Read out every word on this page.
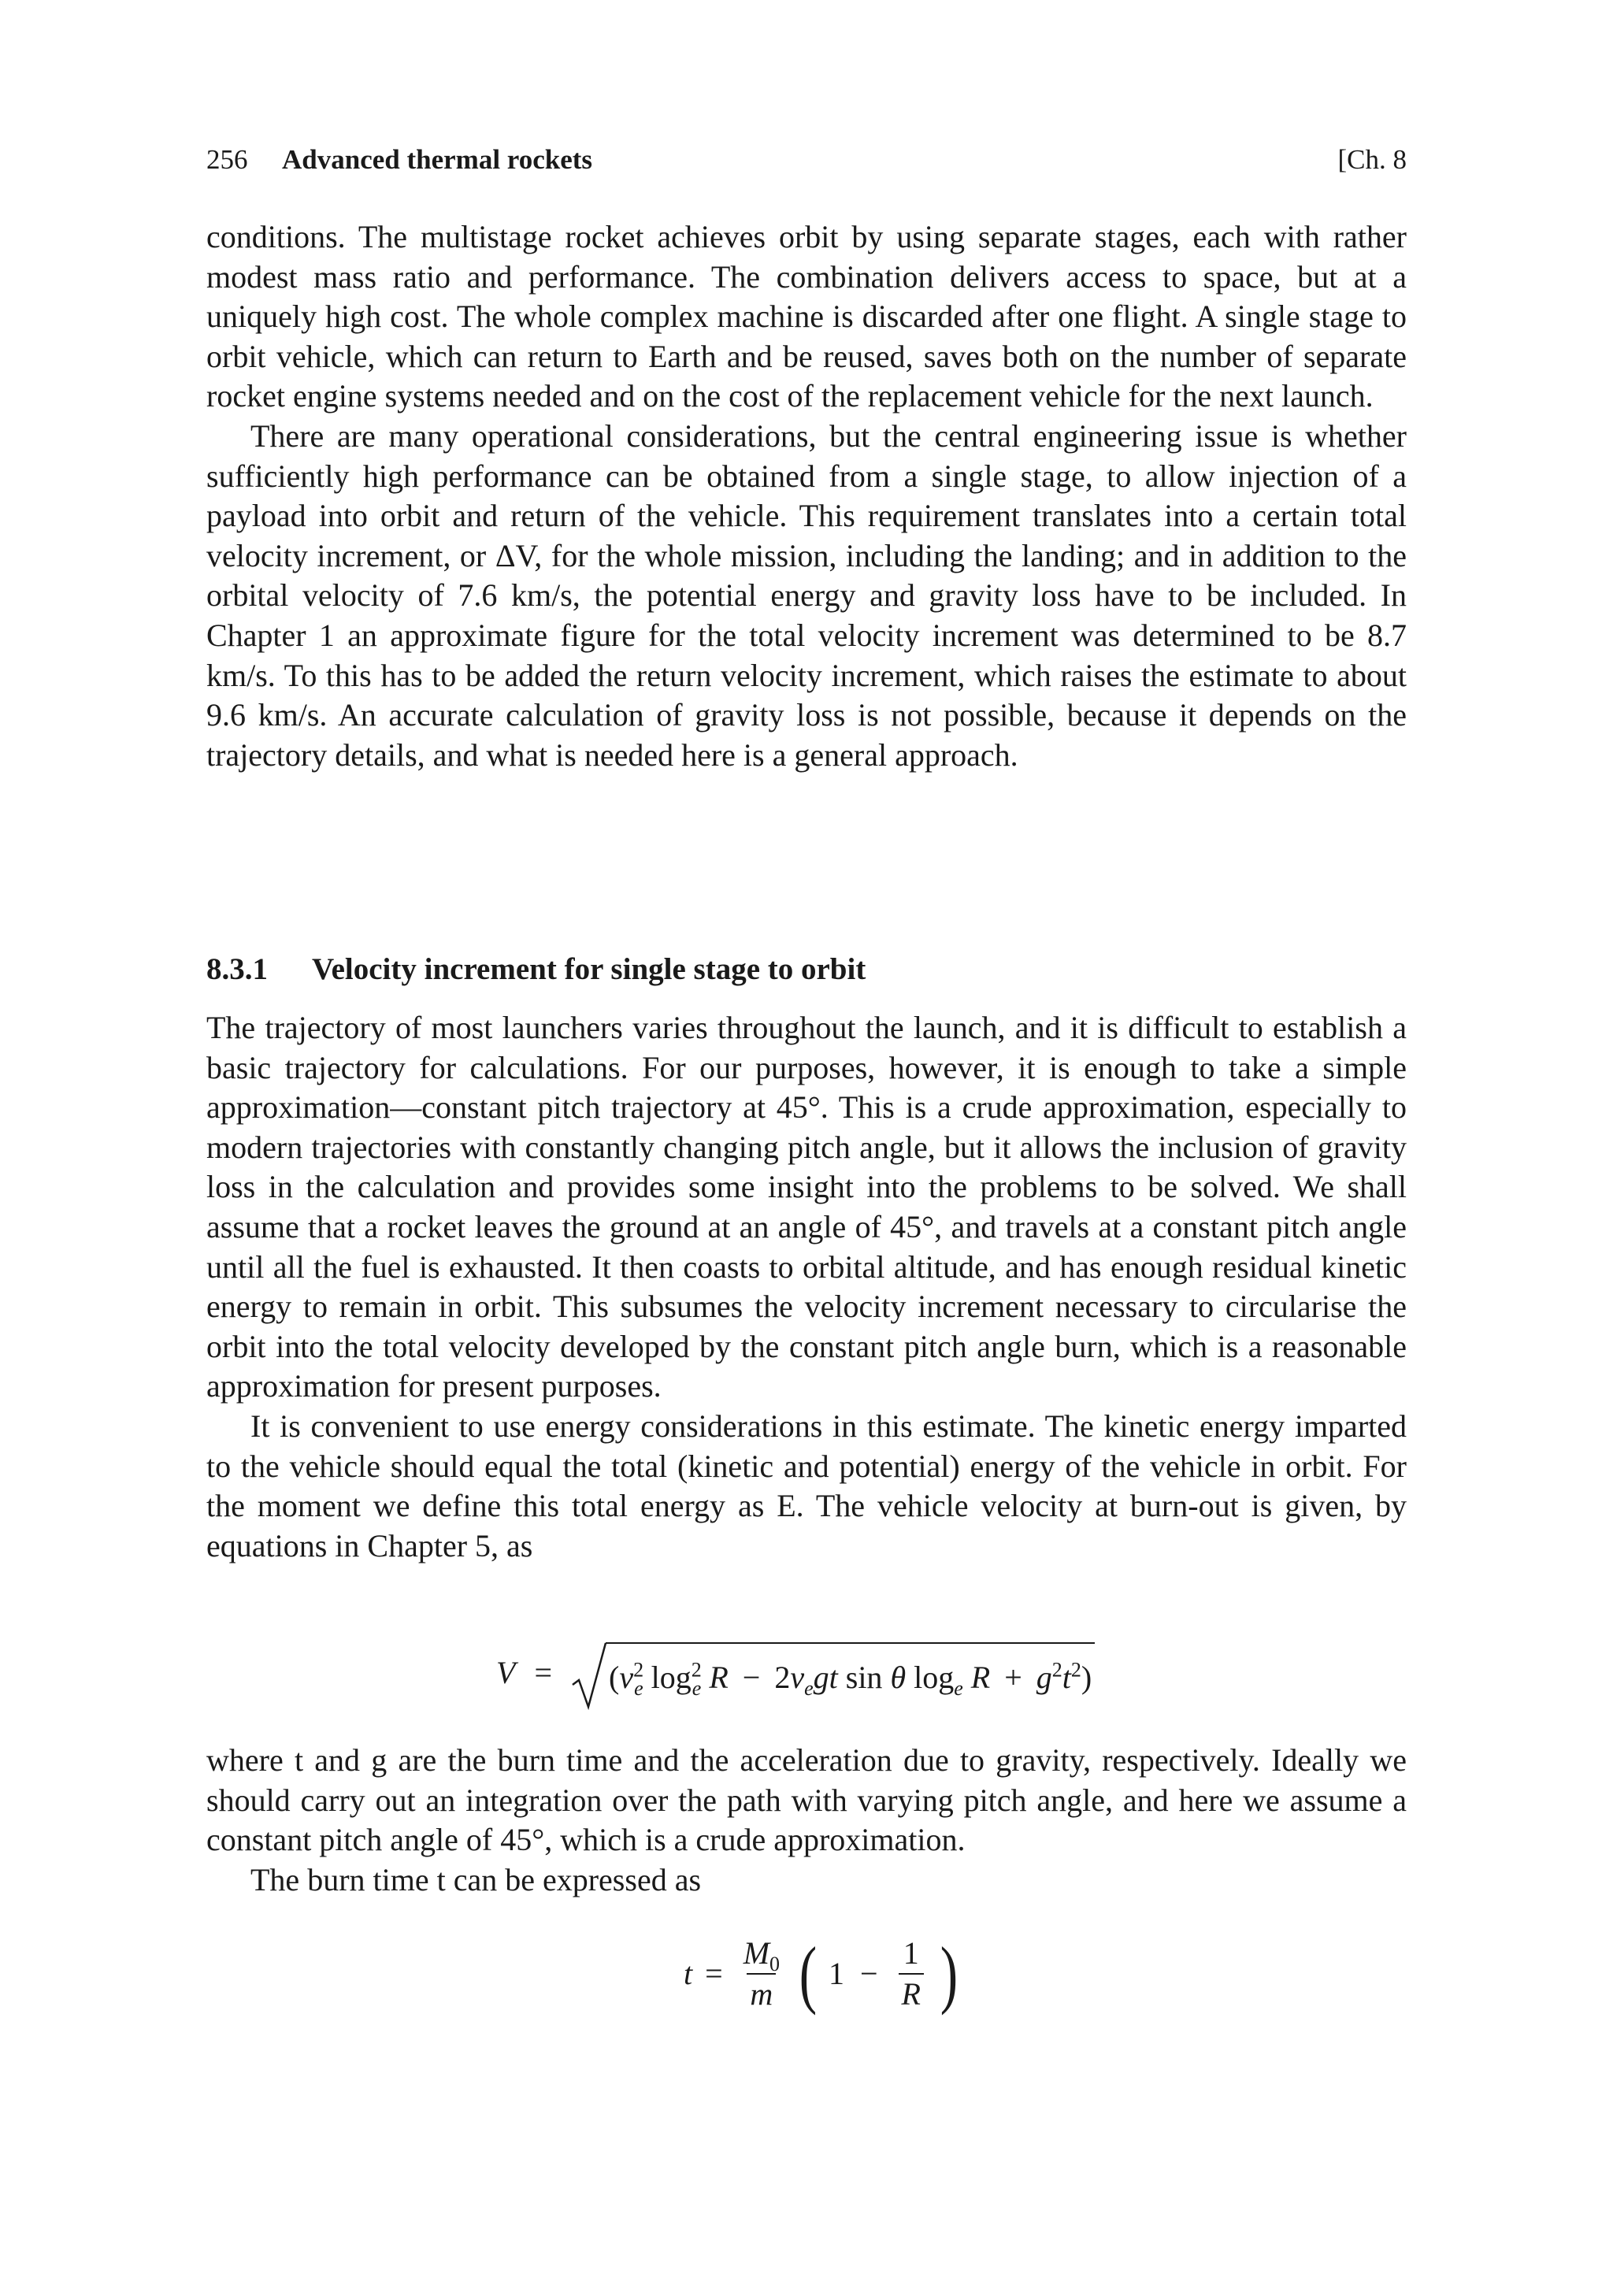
256 Advanced thermal rockets	[Ch. 8

conditions. The multistage rocket achieves orbit by using separate stages, each with rather modest mass ratio and performance. The combination delivers access to space, but at a uniquely high cost. The whole complex machine is discarded after one flight. A single stage to orbit vehicle, which can return to Earth and be reused, saves both on the number of separate rocket engine systems needed and on the cost of the replacement vehicle for the next launch.

There are many operational considerations, but the central engineering issue is whether sufficiently high performance can be obtained from a single stage, to allow injection of a payload into orbit and return of the vehicle. This requirement translates into a certain total velocity increment, or ΔV, for the whole mission, including the landing; and in addition to the orbital velocity of 7.6 km/s, the potential energy and gravity loss have to be included. In Chapter 1 an approximate figure for the total velocity increment was determined to be 8.7 km/s. To this has to be added the return velocity increment, which raises the estimate to about 9.6 km/s. An accurate calculation of gravity loss is not possible, because it depends on the trajectory details, and what is needed here is a general approach.

8.3.1 Velocity increment for single stage to orbit

The trajectory of most launchers varies throughout the launch, and it is difficult to establish a basic trajectory for calculations. For our purposes, however, it is enough to take a simple approximation—constant pitch trajectory at 45°. This is a crude approximation, especially to modern trajectories with constantly changing pitch angle, but it allows the inclusion of gravity loss in the calculation and provides some insight into the problems to be solved. We shall assume that a rocket leaves the ground at an angle of 45°, and travels at a constant pitch angle until all the fuel is exhausted. It then coasts to orbital altitude, and has enough residual kinetic energy to remain in orbit. This subsumes the velocity increment necessary to circularise the orbit into the total velocity developed by the constant pitch angle burn, which is a reasonable approximation for present purposes.

It is convenient to use energy considerations in this estimate. The kinetic energy imparted to the vehicle should equal the total (kinetic and potential) energy of the vehicle in orbit. For the moment we define this total energy as E. The vehicle velocity at burn-out is given, by equations in Chapter 5, as

$V = (v^2_e$ $\log^2_e R - 2v_egt$ sin θ $\log_e R + g^2t^2$)

where t and g are the burn time and the acceleration due to gravity, respectively. Ideally we should carry out an integration over the path with varying pitch angle, and here we assume a constant pitch angle of 45°, which is a crude approximation.

The burn time t can be expressed as

$t = \frac{M_0}{m}$ ( $1 - \frac{1}{R}$ )
